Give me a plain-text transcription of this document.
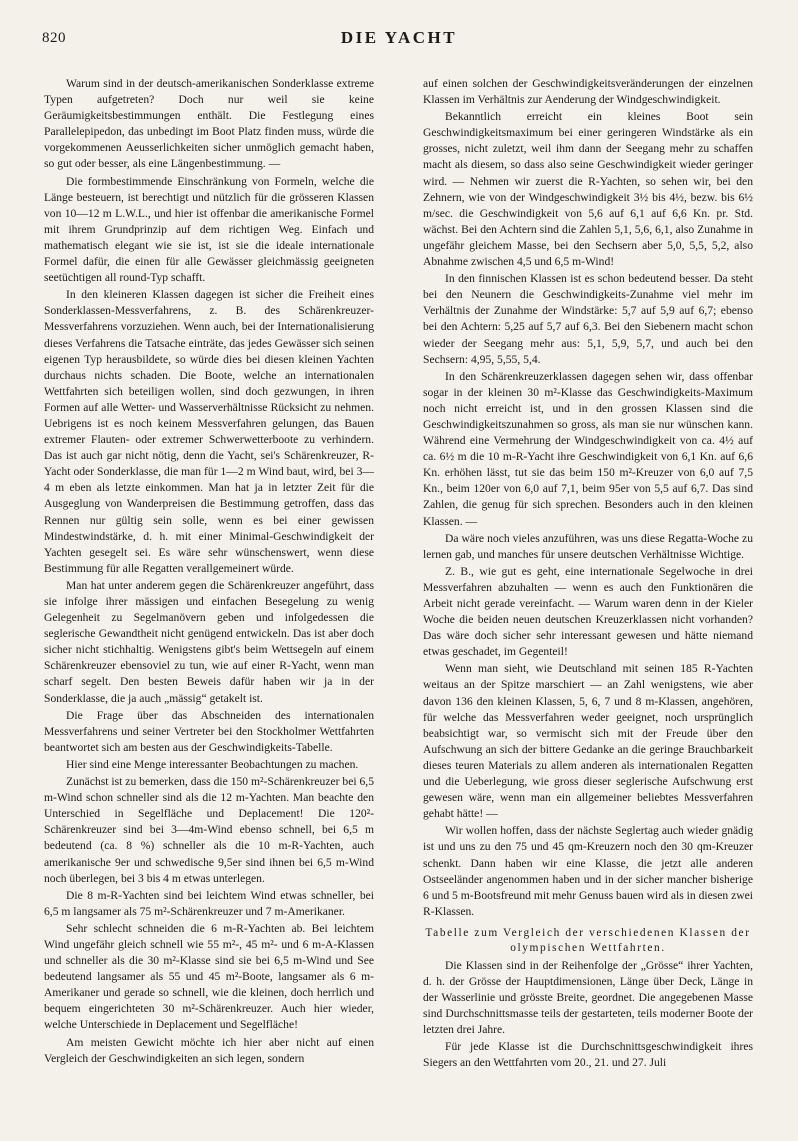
820	DIE YACHT

Warum sind in der deutsch-amerikanischen Sonderklasse extreme Typen aufgetreten? Doch nur weil sie keine Geräumigkeitsbestimmungen enthält. Die Festlegung eines Parallelepipedon, das unbedingt im Boot Platz finden muss, würde die vorgekommenen Aeusserlichkeiten sicher unmöglich gemacht haben, so gut oder besser, als eine Längenbestimmung. —

Die formbestimmende Einschränkung von Formeln, welche die Länge besteuern, ist berechtigt und nützlich für die grösseren Klassen von 10—12 m L.W.L., und hier ist offenbar die amerikanische Formel mit ihrem Grundprinzip auf dem richtigen Weg. Einfach und mathematisch elegant wie sie ist, ist sie die ideale internationale Formel dafür, die einen für alle Gewässer gleichmässig geeigneten seetüchtigen all round-Typ schafft.

In den kleineren Klassen dagegen ist sicher die Freiheit eines Sonderklassen-Messverfahrens, z. B. des Schärenkreuzer-Messverfahrens vorzuziehen. Wenn auch, bei der Internationalisierung dieses Verfahrens die Tatsache einträte, das jedes Gewässer sich seinen eigenen Typ herausbildete, so würde dies bei diesen kleinen Yachten durchaus nichts schaden. Die Boote, welche an internationalen Wettfahrten sich beteiligen wollen, sind doch gezwungen, in ihren Formen auf alle Wetter- und Wasserverhältnisse Rücksicht zu nehmen. Uebrigens ist es noch keinem Messverfahren gelungen, das Bauen extremer Flauten- oder extremer Schwerwetterboote zu verhindern. Das ist auch gar nicht nötig, denn die Yacht, sei's Schärenkreuzer, R-Yacht oder Sonderklasse, die man für 1—2 m Wind baut, wird, bei 3—4 m eben als letzte einkommen. Man hat ja in letzter Zeit für die Ausgeglung von Wanderpreisen die Bestimmung getroffen, dass das Rennen nur gültig sein solle, wenn es bei einer gewissen Mindestwindstärke, d. h. mit einer Minimal-Geschwindigkeit der Yachten gesegelt sei. Es wäre sehr wünschenswert, wenn diese Bestimmung für alle Regatten verallgemeinert würde.

Man hat unter anderem gegen die Schärenkreuzer angeführt, dass sie infolge ihrer mässigen und einfachen Besegelung zu wenig Gelegenheit zu Segelmanövern geben und infolgedessen die seglerische Gewandtheit nicht genügend entwickeln. Das ist aber doch sicher nicht stichhaltig. Wenigstens gibt's beim Wettsegeln auf einem Schärenkreuzer ebensoviel zu tun, wie auf einer R-Yacht, wenn man scharf segelt. Den besten Beweis dafür haben wir ja in der Sonderklasse, die ja auch „mässig“ getakelt ist.

Die Frage über das Abschneiden des internationalen Messverfahrens und seiner Vertreter bei den Stockholmer Wettfahrten beantwortet sich am besten aus der Geschwindigkeits-Tabelle.

Hier sind eine Menge interessanter Beobachtungen zu machen.

Zunächst ist zu bemerken, dass die 150 m²-Schärenkreuzer bei 6,5 m-Wind schon schneller sind als die 12 m-Yachten. Man beachte den Unterschied in Segelfläche und Deplacement! Die 120²-Schärenkreuzer sind bei 3—4m-Wind ebenso schnell, bei 6,5 m bedeutend (ca. 8 %) schneller als die 10 m-R-Yachten, auch amerikanische 9er und schwedische 9,5er sind ihnen bei 6,5 m-Wind noch überlegen, bei 3 bis 4 m etwas unterlegen.

Die 8 m-R-Yachten sind bei leichtem Wind etwas schneller, bei 6,5 m langsamer als 75 m²-Schärenkreuzer und 7 m-Amerikaner.

Sehr schlecht schneiden die 6 m-R-Yachten ab. Bei leichtem Wind ungefähr gleich schnell wie 55 m²-, 45 m²- und 6 m-A-Klassen und schneller als die 30 m²-Klasse sind sie bei 6,5 m-Wind und See bedeutend langsamer als 55 und 45 m²-Boote, langsamer als 6 m-Amerikaner und gerade so schnell, wie die kleinen, doch herrlich und bequem eingerichteten 30 m²-Schärenkreuzer. Auch hier wieder, welche Unterschiede in Deplacement und Segelfläche!

Am meisten Gewicht möchte ich hier aber nicht auf einen Vergleich der Geschwindigkeiten an sich legen, sondern

auf einen solchen der Geschwindigkeitsveränderungen der einzelnen Klassen im Verhältnis zur Aenderung der Windgeschwindigkeit.

Bekanntlich erreicht ein kleines Boot sein Geschwindigkeitsmaximum bei einer geringeren Windstärke als ein grosses, nicht zuletzt, weil ihm dann der Seegang mehr zu schaffen macht als diesem, so dass also seine Geschwindigkeit wieder geringer wird. — Nehmen wir zuerst die R-Yachten, so sehen wir, bei den Zehnern, wie von der Windgeschwindigkeit 3½ bis 4½, bezw. bis 6½ m/sec. die Geschwindigkeit von 5,6 auf 6,1 auf 6,6 Kn. pr. Std. wächst. Bei den Achtern sind die Zahlen 5,1, 5,6, 6,1, also Zunahme in ungefähr gleichem Masse, bei den Sechsern aber 5,0, 5,5, 5,2, also Abnahme zwischen 4,5 und 6,5 m-Wind!

In den finnischen Klassen ist es schon bedeutend besser. Da steht bei den Neunern die Geschwindigkeits-Zunahme viel mehr im Verhältnis der Zunahme der Windstärke: 5,7 auf 5,9 auf 6,7; ebenso bei den Achtern: 5,25 auf 5,7 auf 6,3. Bei den Siebenern macht schon wieder der Seegang mehr aus: 5,1, 5,9, 5,7, und auch bei den Sechsern: 4,95, 5,55, 5,4.

In den Schärenkreuzerklassen dagegen sehen wir, dass offenbar sogar in der kleinen 30 m²-Klasse das Geschwindigkeits-Maximum noch nicht erreicht ist, und in den grossen Klassen sind die Geschwindigkeitszunahmen so gross, als man sie nur wünschen kann. Während eine Vermehrung der Windgeschwindigkeit von ca. 4½ auf ca. 6½ m die 10 m-R-Yacht ihre Geschwindigkeit von 6,1 Kn. auf 6,6 Kn. erhöhen lässt, tut sie das beim 150 m²-Kreuzer von 6,0 auf 7,5 Kn., beim 120er von 6,0 auf 7,1, beim 95er von 5,5 auf 6,7. Das sind Zahlen, die genug für sich sprechen. Besonders auch in den kleinen Klassen. —

Da wäre noch vieles anzuführen, was uns diese Regatta-Woche zu lernen gab, und manches für unsere deutschen Verhältnisse Wichtige.

Z. B., wie gut es geht, eine internationale Segelwoche in drei Messverfahren abzuhalten — wenn es auch den Funktionären die Arbeit nicht gerade vereinfacht. — Warum waren denn in der Kieler Woche die beiden neuen deutschen Kreuzerklassen nicht vorhanden? Das wäre doch sicher sehr interessant gewesen und hätte niemand etwas geschadet, im Gegenteil!

Wenn man sieht, wie Deutschland mit seinen 185 R-Yachten weitaus an der Spitze marschiert — an Zahl wenigstens, wie aber davon 136 den kleinen Klassen, 5, 6, 7 und 8 m-Klassen, angehören, für welche das Messverfahren weder geeignet, noch ursprünglich beabsichtigt war, so vermischt sich mit der Freude über den Aufschwung an sich der bittere Gedanke an die geringe Brauchbarkeit dieses teuren Materials zu allem anderen als internationalen Regatten und die Ueberlegung, wie gross dieser seglerische Aufschwung erst gewesen wäre, wenn man ein allgemeiner beliebtes Messverfahren gehabt hätte! —

Wir wollen hoffen, dass der nächste Seglertag auch wieder gnädig ist und uns zu den 75 und 45 qm-Kreuzern noch den 30 qm-Kreuzer schenkt. Dann haben wir eine Klasse, die jetzt alle anderen Ostseeländer angenommen haben und in der sicher mancher bisherige 6 und 5 m-Bootsfreund mit mehr Genuss bauen wird als in diesen zwei R-Klassen.

Tabelle zum Vergleich der verschiedenen Klassen der olympischen Wettfahrten.

Die Klassen sind in der Reihenfolge der „Grösse“ ihrer Yachten, d. h. der Grösse der Hauptdimensionen, Länge über Deck, Länge in der Wasserlinie und grösste Breite, geordnet. Die angegebenen Masse sind Durchschnittsmasse teils der gestarteten, teils moderner Boote der letzten drei Jahre.

Für jede Klasse ist die Durchschnittsgeschwindigkeit ihres Siegers an den Wettfahrten vom 20., 21. und 27. Juli
